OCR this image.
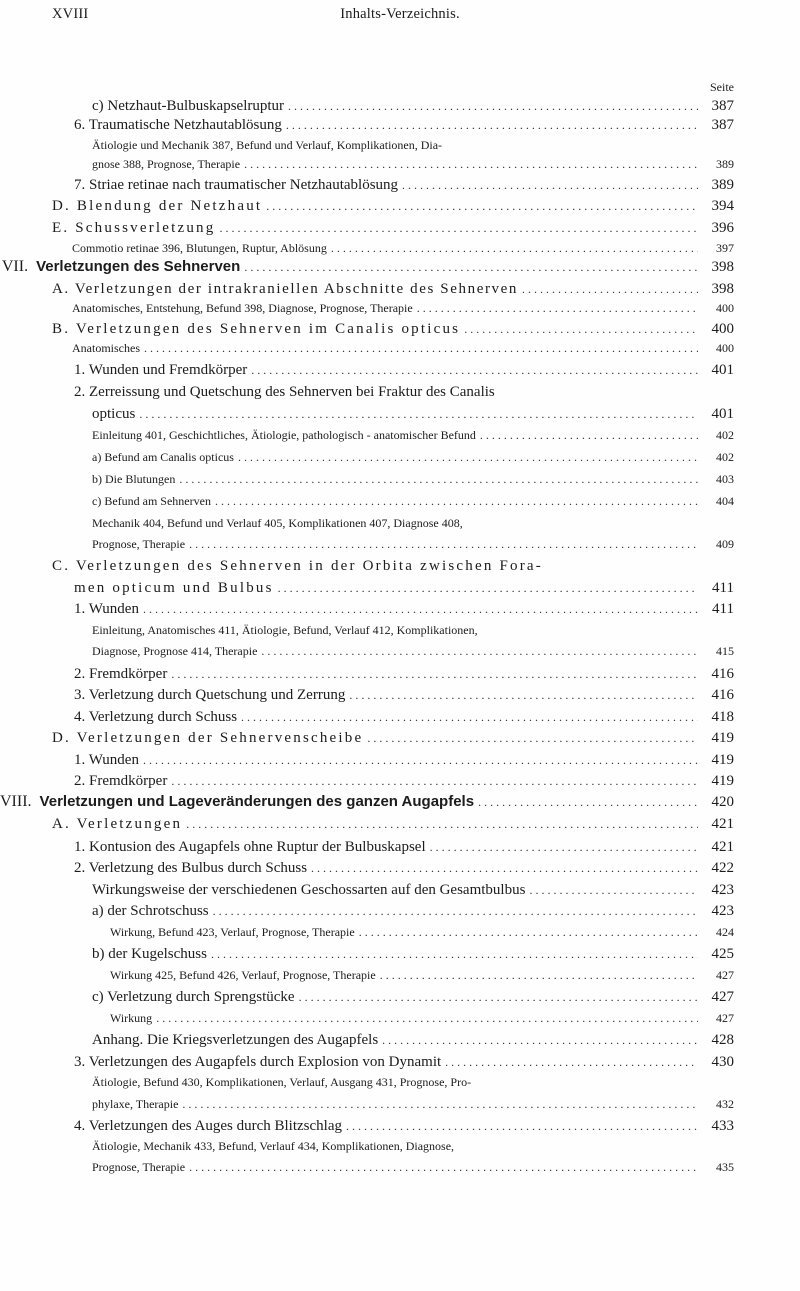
XVIII	Inhalts-Verzeichnis.
Seite
c) Netzhaut-Bulbuskapselruptur . . .	387
6. Traumatische Netzhautablösung . . .	387
Ätiologie und Mechanik 387, Befund und Verlauf, Komplikationen, Dia-
gnose 388, Prognose, Therapie . . .	389
7. Striae retinae nach traumatischer Netzhautablösung . . .	389
D. Blendung der Netzhaut . . .	394
E. Schussverletzung . . .	396
Commotio retinae 396, Blutungen, Ruptur, Ablösung . . .	397
VII. Verletzungen des Sehnerven . . .	398
A. Verletzungen der intrakraniellen Abschnitte des Sehnerven . . .	398
Anatomisches, Entstehung, Befund 398, Diagnose, Prognose, Therapie . . .	400
B. Verletzungen des Sehnerven im Canalis opticus . . .	400
Anatomisches . . .	400
1. Wunden und Fremdkörper . . .	401
2. Zerreissung und Quetschung des Sehnerven bei Fraktur des Canalis
opticus . . .	401
Einleitung 401, Geschichtliches, Ätiologie, pathologisch - anatomischer Befund . . .	402
a) Befund am Canalis opticus . . .	402
b) Die Blutungen . . .	403
c) Befund am Sehnerven . . .	404
Mechanik 404, Befund und Verlauf 405, Komplikationen 407, Diagnose 408,
Prognose, Therapie . . .	409
C. Verletzungen des Sehnerven in der Orbita zwischen Fora-
men opticum und Bulbus . . .	411
1. Wunden . . .	411
Einleitung, Anatomisches 411, Ätiologie, Befund, Verlauf 412, Komplikationen,
Diagnose, Prognose 414, Therapie . . .	415
2. Fremdkörper . . .	416
3. Verletzung durch Quetschung und Zerrung . . .	416
4. Verletzung durch Schuss . . .	418
D. Verletzungen der Sehnervenscheibe . . .	419
1. Wunden . . .	419
2. Fremdkörper . . .	419
VIII. Verletzungen und Lageveränderungen des ganzen Augapfels . . .	420
A. Verletzungen . . .	421
1. Kontusion des Augapfels ohne Ruptur der Bulbuskapsel . . .	421
2. Verletzung des Bulbus durch Schuss . . .	422
Wirkungsweise der verschiedenen Geschossarten auf den Gesamtbulbus . . .	423
a) der Schrotschuss . . .	423
Wirkung, Befund 423, Verlauf, Prognose, Therapie . . .	424
b) der Kugelschuss . . .	425
Wirkung 425, Befund 426, Verlauf, Prognose, Therapie . . .	427
c) Verletzung durch Sprengstücke . . .	427
Wirkung . . .	427
Anhang. Die Kriegsverletzungen des Augapfels . . .	428
3. Verletzungen des Augapfels durch Explosion von Dynamit . . .	430
Ätiologie, Befund 430, Komplikationen, Verlauf, Ausgang 431, Prognose, Pro-
phylaxe, Therapie . . .	432
4. Verletzungen des Auges durch Blitzschlag . . .	433
Ätiologie, Mechanik 433, Befund, Verlauf 434, Komplikationen, Diagnose,
Prognose, Therapie . . .	435
